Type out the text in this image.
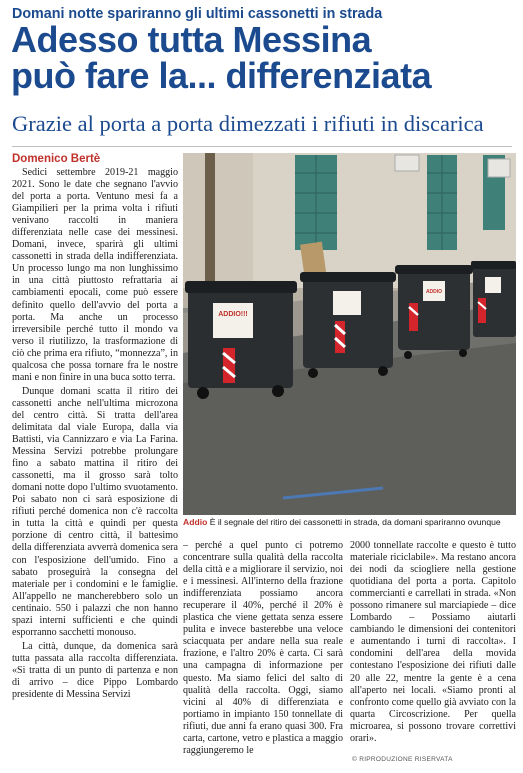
Domani notte spariranno gli ultimi cassonetti in strada
Adesso tutta Messina
può fare la... differenziata
Grazie al porta a porta dimezzati i rifiuti in discarica
Domenico Bertè

Sedici settembre 2019-21 maggio 2021. Sono le date che segnano l'avvio del porta a porta. Ventuno mesi fa a Giampilieri per la prima volta i rifiuti venivano raccolti in maniera differenziata nelle case dei messinesi. Domani, invece, sparirà gli ultimi cassonetti in strada della indifferenziata. Un processo lungo ma non lunghissimo in una città piuttosto refrattaria ai cambiamenti epocali, come può essere definito quello dell'avvio del porta a porta. Ma anche un processo irreversibile perché tutto il mondo va verso il riutilizzo, la trasformazione di ciò che prima era rifiuto, “monnezza”, in qualcosa che possa tornare fra le nostre mani e non finire in una buca sotto terra.

Dunque domani scatta il ritiro dei cassonetti anche nell'ultima microzona del centro città. Si tratta dell'area delimitata dal viale Europa, dalla via Battisti, via Cannizzaro e via La Farina. Messina Servizi potrebbe prolungare fino a sabato mattina il ritiro dei cassonetti, ma il grosso sarà tolto domani notte dopo l'ultimo svuotamento. Poi sabato non ci sarà esposizione di rifiuti perché domenica non c'è raccolta in tutta la città e quindi per questa porzione di centro città, il battesimo della differenziata avverrà domenica sera con l'esposizione dell'umido. Fino a sabato proseguirà la consegna del materiale per i condomini e le famiglie. All'appello ne mancherebbero solo un centinaio. 550 i palazzi che non hanno spazi interni sufficienti e che quindi esporranno sacchetti monouso.

La città, dunque, da domenica sarà tutta passata alla raccolta differenziata. «Si tratta di un punto di partenza e non di arrivo – dice Pippo Lombardo presidente di Messina Servizi

ADDIO!!!
ADDIO
Addio È il segnale del ritiro dei cassonetti in strada, da domani spariranno ovunque

– perché a quel punto ci potremo concentrare sulla qualità della raccolta della città e a migliorare il servizio, noi e i messinesi. All'interno della frazione indifferenziata possiamo ancora recuperare il 40%, perché il 20% è plastica che viene gettata senza essere pulita e invece basterebbe una veloce sciacquata per andare nella sua reale frazione, e l'altro 20% è carta. Ci sarà una campagna di informazione per questo. Ma siamo felici del salto di qualità della raccolta. Oggi, siamo vicini al 40% di differenziata e portiamo in impianto 150 tonnellate di rifiuti, due anni fa erano quasi 300. Fra carta, cartone, vetro e plastica a maggio raggiungeremo le

2000 tonnellate raccolte e questo è tutto materiale riciclabile». Ma restano ancora dei nodi da sciogliere nella gestione quotidiana del porta a porta. Capitolo commercianti e carrellati in strada. «Non possono rimanere sul marciapiede – dice Lombardo – Possiamo aiutarli cambiando le dimensioni dei contenitori e aumentando i turni di raccolta». I condomini dell'area della movida contestano l'esposizione dei rifiuti dalle 20 alle 22, mentre la gente è a cena all'aperto nei locali. «Siamo pronti al confronto come quello già avviato con la quarta Circoscrizione. Per quella microarea, si possono trovare correttivi orari».

© RIPRODUZIONE RISERVATA
